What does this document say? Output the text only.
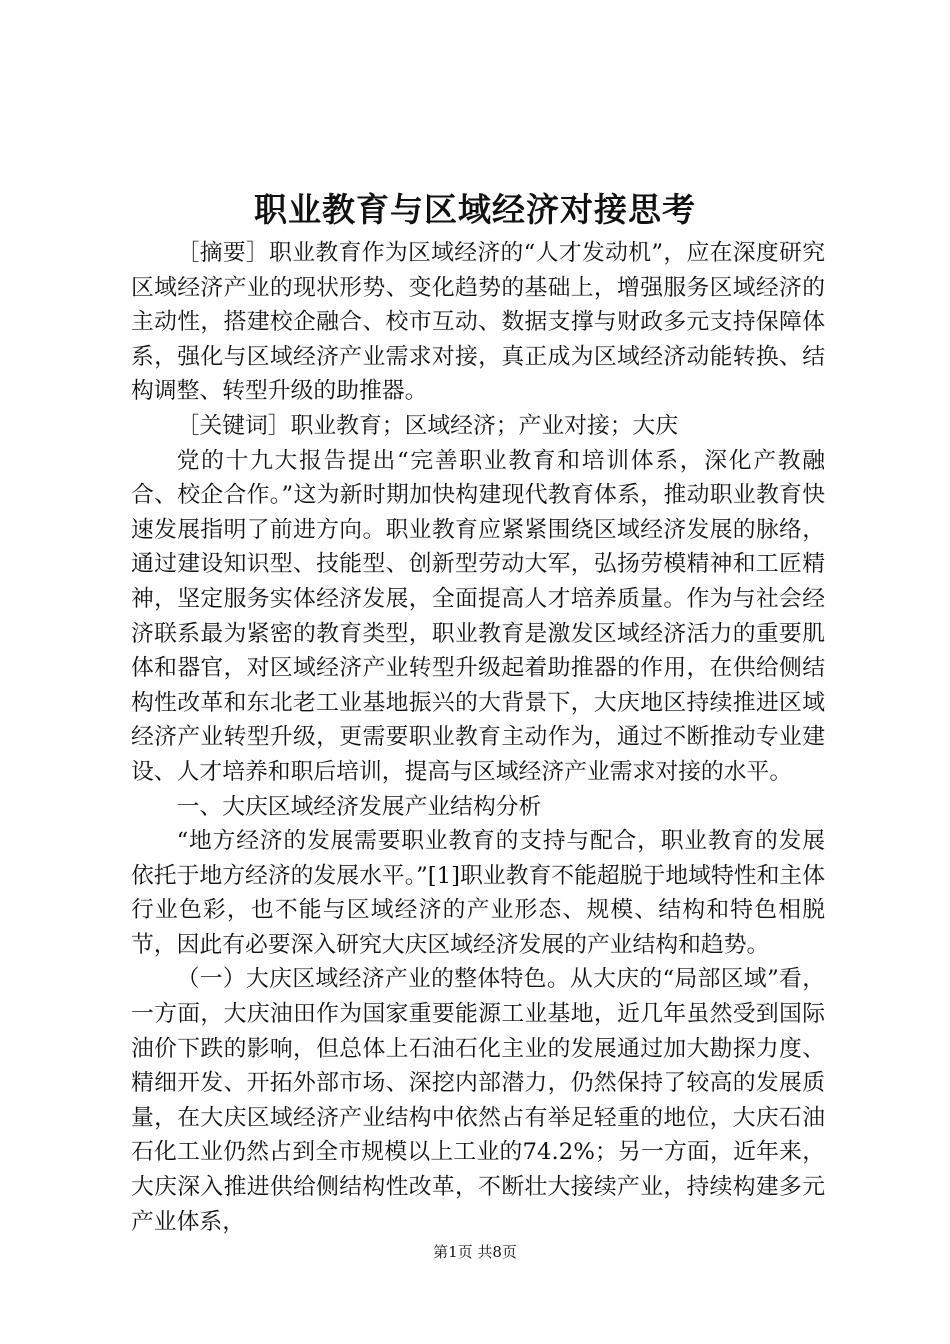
职业教育与区域经济对接思考

［摘要］职业教育作为区域经济的“人才发动机”，应在深度研究区域经济产业的现状形势、变化趋势的基础上，增强服务区域经济的主动性，搭建校企融合、校市互动、数据支撑与财政多元支持保障体系，强化与区域经济产业需求对接，真正成为区域经济动能转换、结构调整、转型升级的助推器。

［关键词］职业教育；区域经济；产业对接；大庆

党的十九大报告提出“完善职业教育和培训体系，深化产教融合、校企合作。”这为新时期加快构建现代教育体系，推动职业教育快速发展指明了前进方向。职业教育应紧紧围绕区域经济发展的脉络，通过建设知识型、技能型、创新型劳动大军，弘扬劳模精神和工匠精神，坚定服务实体经济发展，全面提高人才培养质量。作为与社会经济联系最为紧密的教育类型，职业教育是激发区域经济活力的重要肌体和器官，对区域经济产业转型升级起着助推器的作用，在供给侧结构性改革和东北老工业基地振兴的大背景下，大庆地区持续推进区域经济产业转型升级，更需要职业教育主动作为，通过不断推动专业建设、人才培养和职后培训，提高与区域经济产业需求对接的水平。

一、大庆区域经济发展产业结构分析

“地方经济的发展需要职业教育的支持与配合，职业教育的发展依托于地方经济的发展水平。”[1]职业教育不能超脱于地域特性和主体行业色彩，也不能与区域经济的产业形态、规模、结构和特色相脱节，因此有必要深入研究大庆区域经济发展的产业结构和趋势。

（一）大庆区域经济产业的整体特色。从大庆的“局部区域”看，一方面，大庆油田作为国家重要能源工业基地，近几年虽然受到国际油价下跌的影响，但总体上石油石化主业的发展通过加大勘探力度、精细开发、开拓外部市场、深挖内部潜力，仍然保持了较高的发展质量，在大庆区域经济产业结构中依然占有举足轻重的地位，大庆石油石化工业仍然占到全市规模以上工业的74.2%；另一方面，近年来，大庆深入推进供给侧结构性改革，不断壮大接续产业，持续构建多元产业体系，

第1页 共8页
